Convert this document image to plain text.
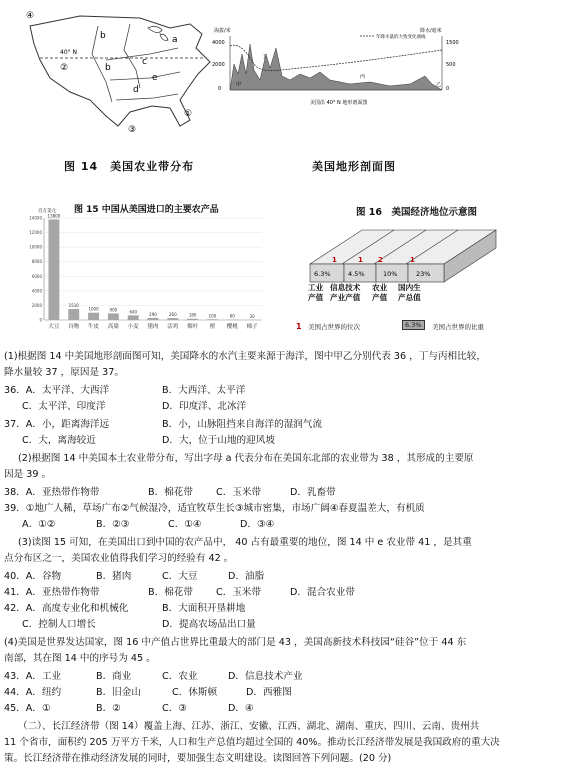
40° N
b	a
c
b
d
e
④
②
③
①
图 14　美国农业带分布
海拔/米	降水/毫米
4000
2000
0
1500
500
0
年降水量的大致变化曲线
甲	乙
丙
丁
美国沿 40° N 地形剖面图
美国地形剖面图
图 15 中国从美国进口的主要农产品
百万美元
0
2000
4000
6000
8000
10000
12000
14000 13800
大豆
1510
谷物
1000
牛皮
900
高粱
640
小麦
290
猪肉
260
活鸡
180
烟叶
100
橙
60
樱桃
30
棉子
图 16　美国经济地位示意图
6.3%	4.5%	10%	23%
1	1 2	1
工业
产值
信息技术
产业产值
农业
产值
国内生
产总值
1 美国占世界的位次	6.3%	美国占世界的比重
(1)根据图 14 中美国地形剖面图可知，美国降水的水汽主要来源于海洋，图中甲乙分别代表 36 ，丁与丙相比较，
降水量较 37 ，原因是 37。
36．A．太平洋、大西洋	B．大西洋、太平洋
C．太平洋、印度洋	D．印度洋、北冰洋
37．A．小，距离海洋远	B．小，山脉阻挡来自海洋的湿润气流
C．大，离海较近	D．大，位于山地的迎风坡
(2)根据图 14 中美国本土农业带分布，写出字母 a 代表分布在美国东北部的农业带为 38 ，其形成的主要原
因是 39 。
38．A．亚热带作物带	B．棉花带 C．玉米带	D．乳畜带
39．①地广人稀，草场广布②气候湿冷，适宜牧草生长③城市密集，市场广阔④春夏温差大，有机质
A．①②	B．②③	C．①④	D．③④
(3)读图 15 可知，在美国出口到中国的农产品中， 40 占有最重要的地位，图 14 中 e 农业带 41 ，是其重
点分布区之一，美国农业值得我们学习的经验有 42 。
40．A．谷物	B．猪肉	C．大豆	D．油脂
41．A．亚热带作物带	B．棉花带 C．玉米带	D．混合农业带
42．A．高度专业化和机械化	B．大面积开垦耕地
C．控制人口增长	D．提高农场品出口量
(4)美国是世界发达国家，图 16 中产值占世界比重最大的部门是 43 ，美国高新技术科技园“硅谷”位于 44 东
南部，其在图 14 中的序号为 45 。
43．A．工业	B．商业	C．农业	D．信息技术产业
44．A．纽约	B．旧金山	C．休斯顿	D．西雅图
45．A．①	B．②	C．③	D．④
（二）、长江经济带（图 14）覆盖上海、江苏、浙江、安徽、江西、湖北、湖南、重庆、四川、云南、贵州共
11 个省市，面积约 205 万平方千米，人口和生产总值均超过全国的 40%。推动长江经济带发展是我国政府的重大决
策。长江经济带在推动经济发展的同时，要加强生态文明建设。读图回答下列问题。(20 分)
